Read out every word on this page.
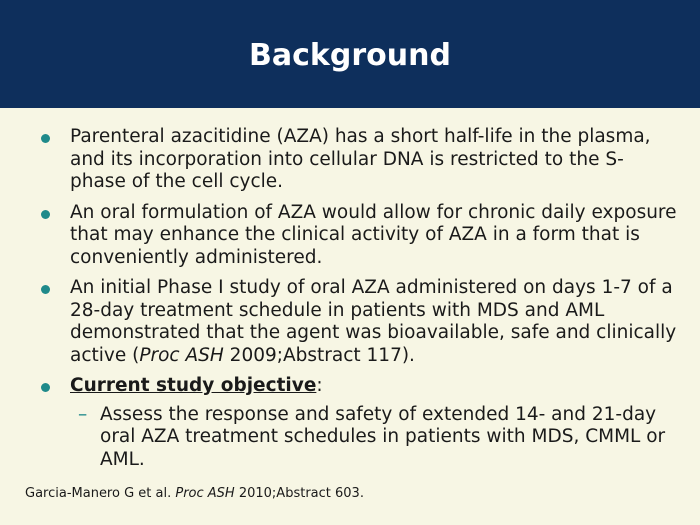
Background
Parenteral azacitidine (AZA) has a short half-life in the plasma, and its incorporation into cellular DNA is restricted to the S-phase of the cell cycle.
An oral formulation of AZA would allow for chronic daily exposure that may enhance the clinical activity of AZA in a form that is conveniently administered.
An initial Phase I study of oral AZA administered on days 1-7 of a 28-day treatment schedule in patients with MDS and AML demonstrated that the agent was bioavailable, safe and clinically active (Proc ASH 2009;Abstract 117).
Current study objective:
– Assess the response and safety of extended 14- and 21-day oral AZA treatment schedules in patients with MDS, CMML or AML.
Garcia-Manero G et al. Proc ASH 2010;Abstract 603.
